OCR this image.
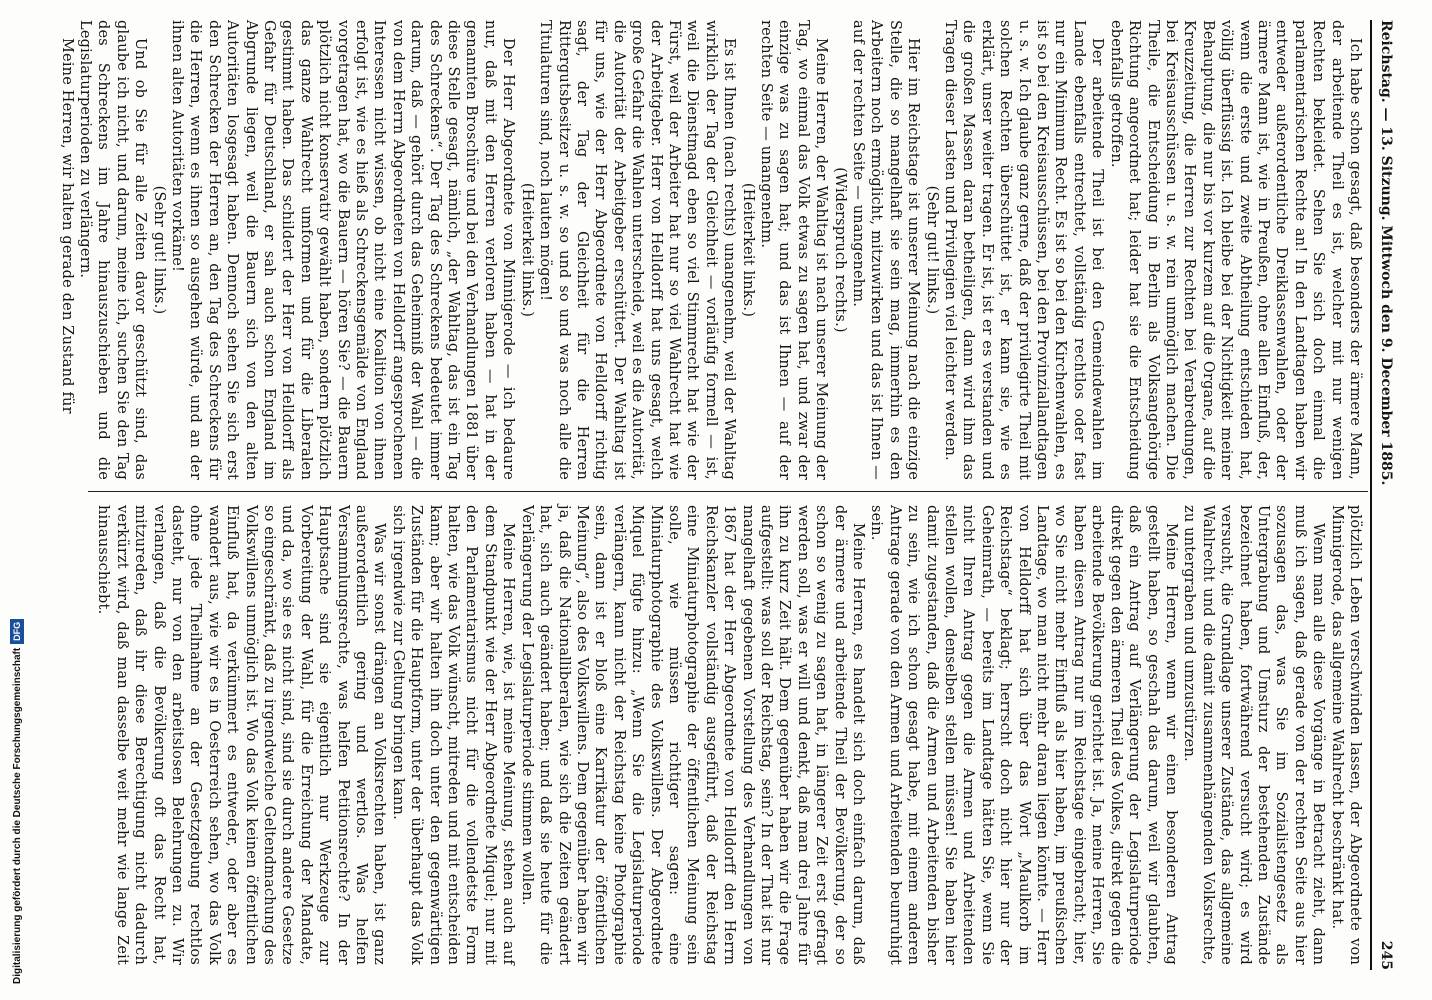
Digitalisierung gefördert durch die Deutsche ForschungsgemeinschaftDFG
Reichstag. — 13. Sitzung. Mittwoch den 9. December 1885.
245

Ich habe schon gesagt, daß besonders der ärmere Mann, der arbeitende Theil es ist, welcher mit nur wenigen Rechten bekleidet. Sehen Sie sich doch einmal die parlamentarischen Rechte an! In den Landtagen haben wir entweder außerordentliche Dreiklassenwahlen, oder der ärmere Mann ist, wie in Preußen, ohne allen Einfluß, der, wenn die erste und zweite Abtheilung entschieden hat, völlig überflüssig ist. Ich bleibe bei der Nichtigkeit meiner Behauptung, die nur bis vor kurzem auf die Organe, auf die Kreuzzeitung, die Herren zur Rechten bei Verabredungen, bei Kreisausschüssen u. s. w. rein unmöglich machen. Die Theile, die Entscheidung in Berlin als Volksangehörige Richtung angeordnet hat; leider hat sie die Entscheidung ebenfalls getroffen.

Der arbeitende Theil ist bei den Gemeindewahlen im Lande ebenfalls entrechtet, vollständig rechtlos oder fast nur ein Minimum Recht. Es ist so bei den Kirchenwahlen, es ist so bei den Kreisausschüssen, bei den Provinziallandtagen u. s. w. Ich glaube ganz gerne, daß der privilegirte Theil mit solchen Rechten überschüttet ist, er kann sie, wie es erklärt, unser weiter tragen. Er ist, ist er es verstanden und die großen Massen daran betheiligen, dann wird ihm das Tragen dieser Lasten und Privilegien viel leichter werden.

(Sehr gut! links.)

Hier im Reichstage ist unserer Meinung nach die einzige Stelle, die so mangelhaft sie sein mag, immerhin es den Arbeitern noch ermöglicht, mitzuwirken und das ist Ihnen — auf der rechten Seite — unangenehm.

(Widerspruch rechts.)

Meine Herren, der Wahltag ist nach unserer Meinung der Tag, wo einmal das Volk etwas zu sagen hat, und zwar der einzige was zu sagen hat; und das ist Ihnen — auf der rechten Seite — unangenehm.

(Heiterkeit links.)

Es ist Ihnen (nach rechts) unangenehm, weil der Wahltag wirklich der Tag der Gleichheit — vorläufig formell — ist, weil die Dienstmagd eben so viel Stimmrecht hat wie der Fürst, weil der Arbeiter hat nur so viel Wahlrecht hat wie der Arbeitgeber. Herr von Helldorff hat uns gesagt, welch große Gefahr die Wahlen unterscheide, weil es die Autorität, die Autorität der Arbeitgeber erschüttert. Der Wahltag ist für uns, wie der Herr Abgeordnete von Helldorff richtig sagt, der Tag der Gleichheit für die Herren Rittergutsbesitzer u. s. w. so und so und was noch alle die Titulaturen sind, noch lauten mögen!

(Heiterkeit links.)

Der Herr Abgeordnete von Minnigerode — ich bedaure nur, daß mit den Herren verloren haben — hat in der genannten Broschüre und bei den Verhandlungen 1881 über diese Stelle gesagt, nämlich, „der Wahltag, das ist ein Tag des Schreckens“. Der Tag des Schreckens bedeutet immer darum, daß — gehört durch das Geheimniß der Wahl — die von dem Herrn Abgeordneten von Helldorff angesprochenen Interessen nicht wissen, ob nicht eine Koalition von ihnen erfolgt ist, wie es hieß als Schreckensgemälde von England vorgetragen hat, wo die Bauern — hören Sie? — die Bauern plötzlich nicht konservativ gewählt haben, sondern plötzlich das ganze Wahlrecht umformen und für die Liberalen gestimmt haben. Das schildert der Herr von Helldorff als Gefahr für Deutschland, er sah auch schon England im Abgrunde liegen, weil die Bauern sich von den alten Autoritäten losgesagt haben. Dennoch sehen Sie sich erst den Schrecken der Herren an, den Tag des Schreckens für die Herren, wenn es ihnen so ausgehen würde, und an der ihnen alten Autoritäten vorkäme!

(Sehr gut! links.)

Und ob Sie für alle Zeiten davor geschützt sind, das glaube ich nicht, und darum, meine ich, suchen Sie den Tag des Schreckens im Jahre hinauszuschieben und die Legislaturperioden zu verlängern.

Meine Herren, wir halten gerade den Zustand für

plötzlich Leben verschwinden lassen, der Abgeordnete von Minnigerode, das allgemeine Wahlrecht beschränkt hat.

Wenn man alle diese Vorgänge in Betracht zieht, dann muß ich sagen, daß gerade von der rechten Seite aus hier sozusagen das, was Sie im Sozialistengesetz als Untergrabung und Umsturz der bestehenden Zustände bezeichnet haben, fortwährend versucht wird; es wird versucht, die Grundlage unserer Zustände, das allgemeine Wahlrecht und die damit zusammenhängenden Volksrechte, zu untergraben und umzustürzen.

Meine Herren, wenn wir einen besonderen Antrag gestellt haben, so geschah das darum, weil wir glaubten, daß ein Antrag auf Verlängerung der Legislaturperiode direkt gegen den ärmeren Theil des Volkes, direkt gegen die arbeitende Bevölkerung gerichtet ist. Ja, meine Herren, Sie haben diesen Antrag nur im Reichstage eingebracht; hier, wo Sie nicht mehr Einfluß als hier haben, im preußischen Landtage, wo man nicht mehr daran liegen könnte. — Herr von Helldorff hat sich über das Wort „Maulkorb im Reichstage“ beklagt; herrscht doch nicht hier nur der Geheimrath, — bereits im Landtage hätten Sie, wenn Sie nicht Ihren Antrag gegen die Armen und Arbeitenden stellen wollen, denselben stellen müssen! Sie haben hier damit zugestanden, daß die Armen und Arbeitenden bisher zu sein, wie ich schon gesagt habe, mit einem anderen Antrage gerade von den Armen und Arbeitenden beunruhigt sein.

Meine Herren, es handelt sich doch einfach darum, daß der ärmere und arbeitende Theil der Bevölkerung, der so schon so wenig zu sagen hat, in längerer Zeit erst gefragt werden soll, was er will und denkt, daß man drei Jahre für ihn zu kurz Zeit hält. Dem gegenüber haben wir die Frage aufgestellt: was soll der Reichstag, sein? In der That ist nur mangelhaft gegebenen Vorstellung des Verhandlungen von 1867 hat der Herr Abgeordnete von Helldorff den Herrn Reichskanzler vollständig ausgeführt, daß der Reichstag eine Miniaturphotographie der öffentlichen Meinung sein solle, wie müssen richtiger sagen: eine Miniaturphotographie des Volkswillens. Der Abgeordnete Miquel fügte hinzu: „Wenn Sie die Legislaturperiode verlängern, kann nicht der Reichstag keine Photographie sein, dann ist er bloß eine Karrikatur der öffentlichen Meinung“, also des Volkswillens. Dem gegenüber haben wir ja, daß die Nationalliberalen, wie sich die Zeiten geändert hat, sich auch geändert haben; und daß sie heute für die Verlängerung der Legislaturperiode stimmen wollen.

Meine Herren, wie, ist meine Meinung, stehen auch auf dem Standpunkt wie der Herr Abgeordnete Miquel; nur mit den Parlamentarismus nicht für die vollendetste Form halten, wie das Volk wünscht, mitreden und mit entscheiden kann; aber wir halten ihn doch unter den gegenwärtigen Zuständen für die Hauptform, unter der überhaupt das Volk sich irgendwie zur Geltung bringen kann.

Was wir sonst drängen an Volksrechten haben, ist ganz außerordentlich gering und wertlos. Was helfen Versammlungsrechte, was helfen Petitionsrechte? In der Hauptsache sind sie eigentlich nur Werkzeuge zur Vorbereitung der Wahl, für die Erreichung der Mandate, und da, wo sie es nicht sind, sind sie durch andere Gesetze so eingeschränkt, daß zu irgendwelche Geltendmachung des Volkswillens unmöglich ist. Wo das Volk keinen öffentlichen Einfluß hat, da verkümmert es entweder, oder aber es wandert aus, wie wir es in Oesterreich sehen, wo das Volk ohne jede Theilnahme an der Gesetzgebung rechtlos dasteht, nur von den arbeitslosen Belehrungen zu. Wir verlangen, daß die Bevölkerung oft das Recht hat, mitzureden, daß ihr diese Berechtigung nicht dadurch verkürzt wird, daß man dasselbe weit mehr wie lange Zeit hinausschiebt.
